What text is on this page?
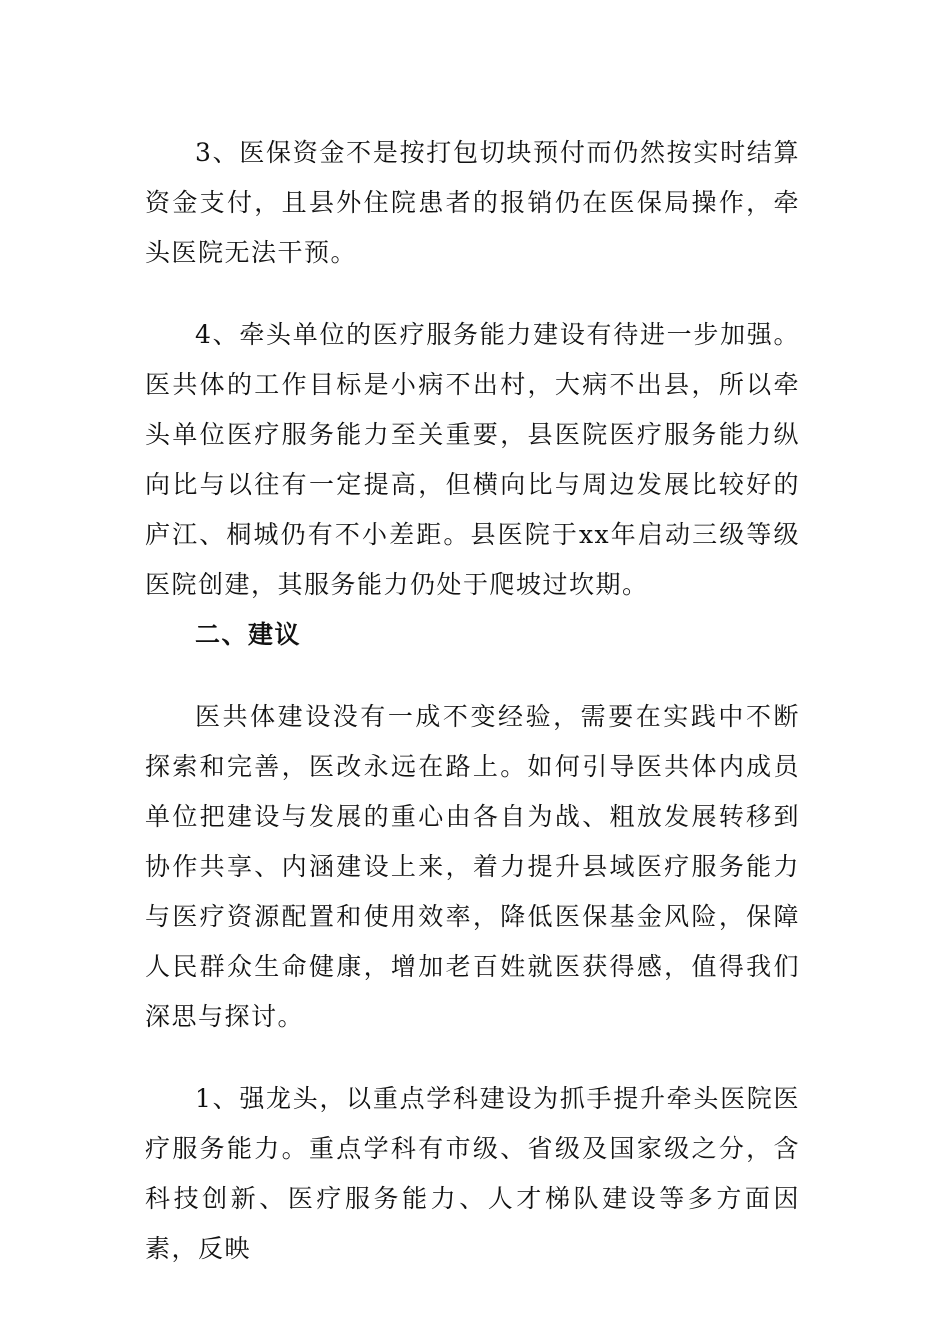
3、医保资金不是按打包切块预付而仍然按实时结算资金支付，且县外住院患者的报销仍在医保局操作，牵头医院无法干预。

4、牵头单位的医疗服务能力建设有待进一步加强。医共体的工作目标是小病不出村，大病不出县，所以牵头单位医疗服务能力至关重要，县医院医疗服务能力纵向比与以往有一定提高，但横向比与周边发展比较好的庐江、桐城仍有不小差距。县医院于xx年启动三级等级医院创建，其服务能力仍处于爬坡过坎期。

二、建议

医共体建设没有一成不变经验，需要在实践中不断探索和完善，医改永远在路上。如何引导医共体内成员单位把建设与发展的重心由各自为战、粗放发展转移到协作共享、内涵建设上来，着力提升县域医疗服务能力与医疗资源配置和使用效率，降低医保基金风险，保障人民群众生命健康，增加老百姓就医获得感，值得我们深思与探讨。

1、强龙头，以重点学科建设为抓手提升牵头医院医疗服务能力。重点学科有市级、省级及国家级之分，含科技创新、医疗服务能力、人才梯队建设等多方面因素，反映
